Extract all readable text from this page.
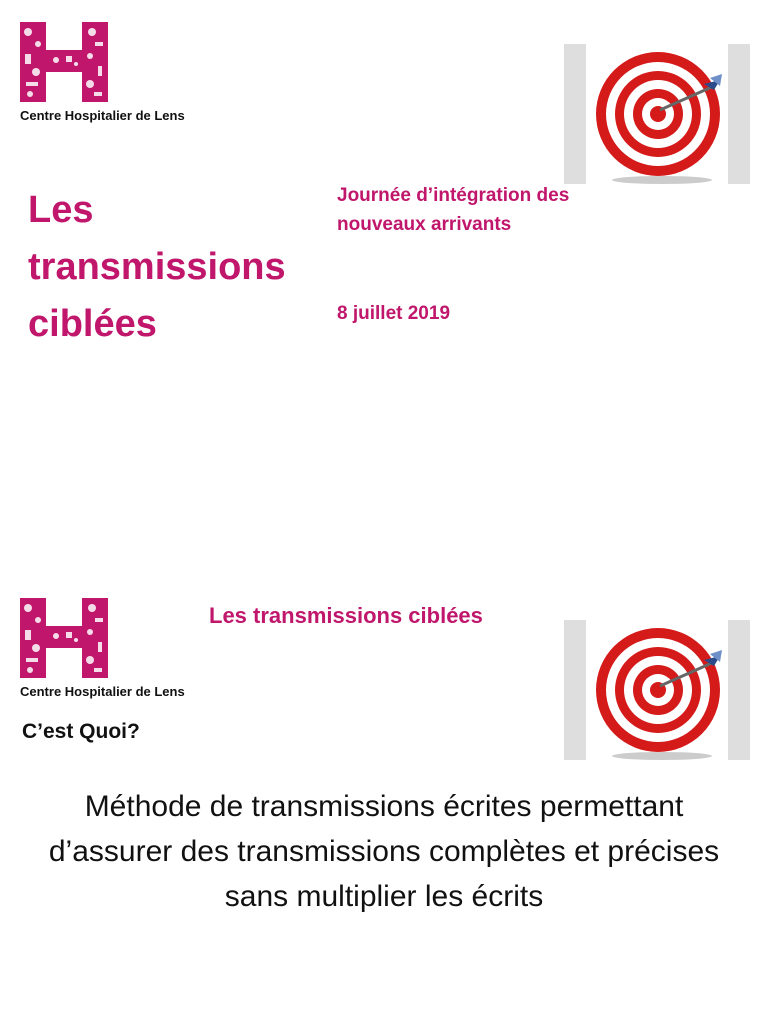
Centre Hospitalier de Lens
Les
transmissions
ciblées
Journée d’intégration des nouveaux arrivants
8 juillet 2019
Centre Hospitalier de Lens
Les transmissions ciblées
C’est Quoi?
Méthode de transmissions écrites permettant d’assurer des transmissions complètes et précises sans multiplier les écrits
